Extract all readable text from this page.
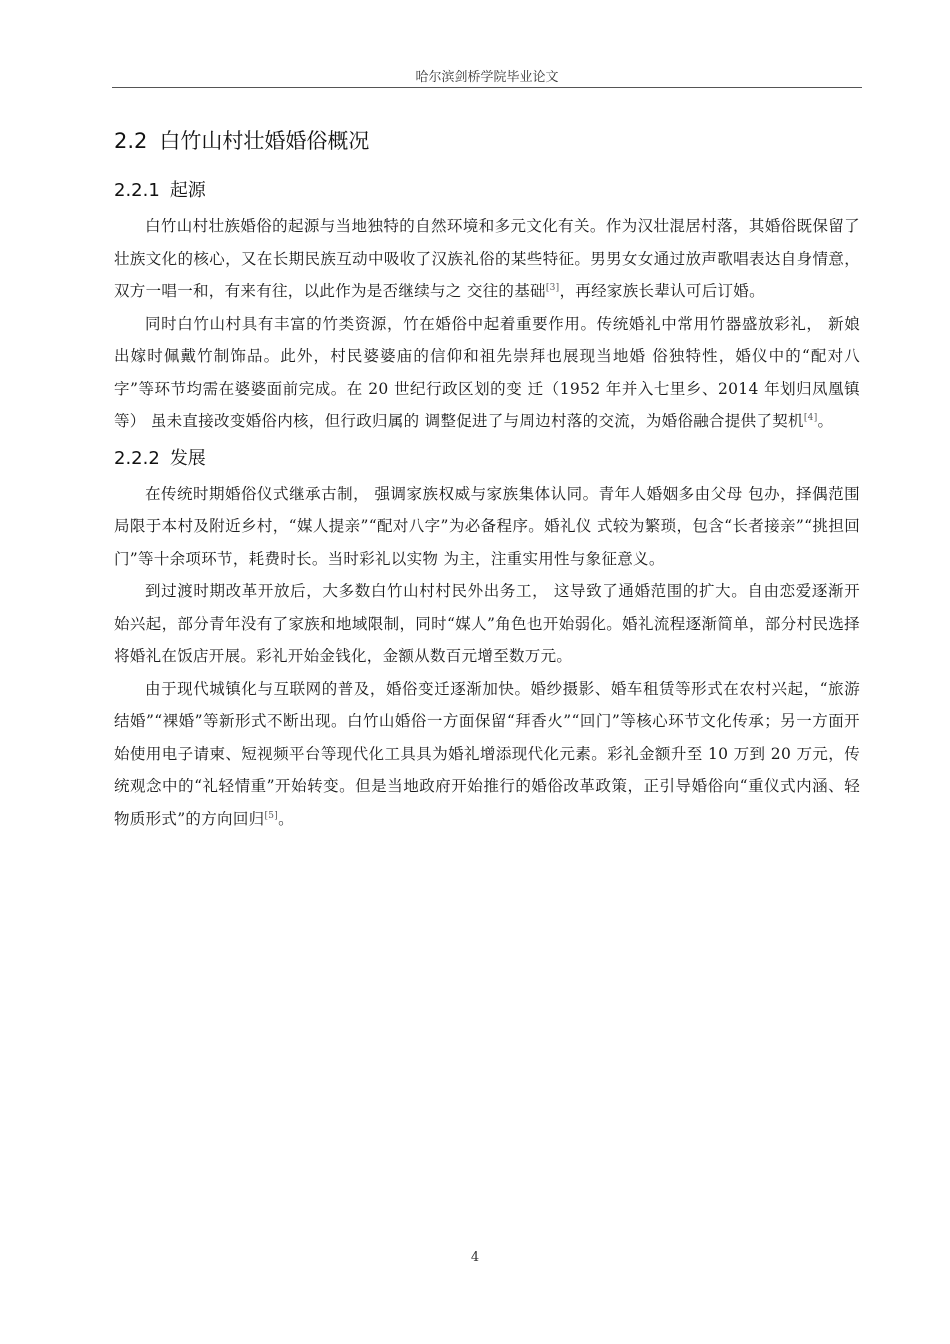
哈尔滨剑桥学院毕业论文
2.2 白竹山村壮婚婚俗概况
2.2.1 起源

白竹山村壮族婚俗的起源与当地独特的自然环境和多元文化有关。作为汉壮混居村落，其婚俗既保留了壮族文化的核心，又在长期民族互动中吸收了汉族礼俗的某些特征。男男女女通过放声歌唱表达自身情意， 双方一唱一和，有来有往，以此作为是否继续与之 交往的基础[3]，再经家族长辈认可后订婚。

同时白竹山村具有丰富的竹类资源，竹在婚俗中起着重要作用。传统婚礼中常用竹器盛放彩礼， 新娘出嫁时佩戴竹制饰品。此外，村民婆婆庙的信仰和祖先崇拜也展现当地婚 俗独特性，婚仪中的“配对八字”等环节均需在婆婆面前完成。在 20 世纪行政区划的变 迁（1952 年并入七里乡、2014 年划归凤凰镇等） 虽未直接改变婚俗内核，但行政归属的 调整促进了与周边村落的交流，为婚俗融合提供了契机[4]。

2.2.2 发展

在传统时期婚俗仪式继承古制， 强调家族权威与家族集体认同。青年人婚姻多由父母 包办，择偶范围局限于本村及附近乡村，“媒人提亲”“配对八字”为必备程序。婚礼仪 式较为繁琐，包含“长者接亲”“挑担回门”等十余项环节，耗费时长。当时彩礼以实物 为主，注重实用性与象征意义。

到过渡时期改革开放后，大多数白竹山村村民外出务工， 这导致了通婚范围的扩大。自由恋爱逐渐开始兴起，部分青年没有了家族和地域限制，同时“媒人”角色也开始弱化。婚礼流程逐渐简单，部分村民选择将婚礼在饭店开展。彩礼开始金钱化，金额从数百元增至数万元。

由于现代城镇化与互联网的普及，婚俗变迁逐渐加快。婚纱摄影、婚车租赁等形式在农村兴起，“旅游结婚”“裸婚”等新形式不断出现。白竹山婚俗一方面保留“拜香火”“回门”等核心环节文化传承；另一方面开始使用电子请柬、短视频平台等现代化工具具为婚礼增添现代化元素。彩礼金额升至 10 万到 20 万元，传统观念中的“礼轻情重”开始转变。但是当地政府开始推行的婚俗改革政策，正引导婚俗向“重仪式内涵、轻物质形式”的方向回归[5]。

4
